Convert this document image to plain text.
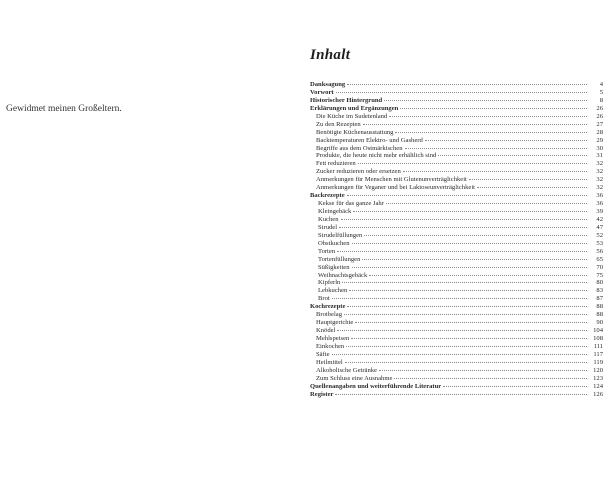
Gewidmet meinen Großeltern.
Inhalt
Danksagung	4
Vorwort	5
Historischer Hintergrund	8
Erklärungen und Ergänzungen	26
Die Küche im Sudetenland	26
Zu den Rezepten	27
Benötigte Küchenausstattung	28
Backtemperaturen Elektro- und Gasherd	29
Begriffe aus dem Ostmärkischen	30
Produkte, die heute nicht mehr erhältlich sind	31
Fett reduzieren	32
Zucker reduzieren oder ersetzen	32
Anmerkungen für Menschen mit Glutenunverträglichkeit	32
Anmerkungen für Veganer und bei Laktoseunverträglichkeit	32
Backrezepte	36
Kekse für das ganze Jahr	36
Kleingebäck	39
Kuchen	42
Strudel	47
Strudelfüllungen	52
Obstkuchen	53
Torten	56
Tortenfüllungen	65
Süßigkeiten	70
Weihnachtsgebäck	75
Kipferln	80
Lebkuchen	83
Brot	87
Kochrezepte	88
Brotbelag	88
Hauptgerichte	90
Knödel	104
Mehlspeisen	108
Einkochen	111
Säfte	117
Heilmittel	119
Alkoholische Getränke	120
Zum Schluss eine Ausnahme	123
Quellenangaben und weiterführende Literatur	124
Register	126
